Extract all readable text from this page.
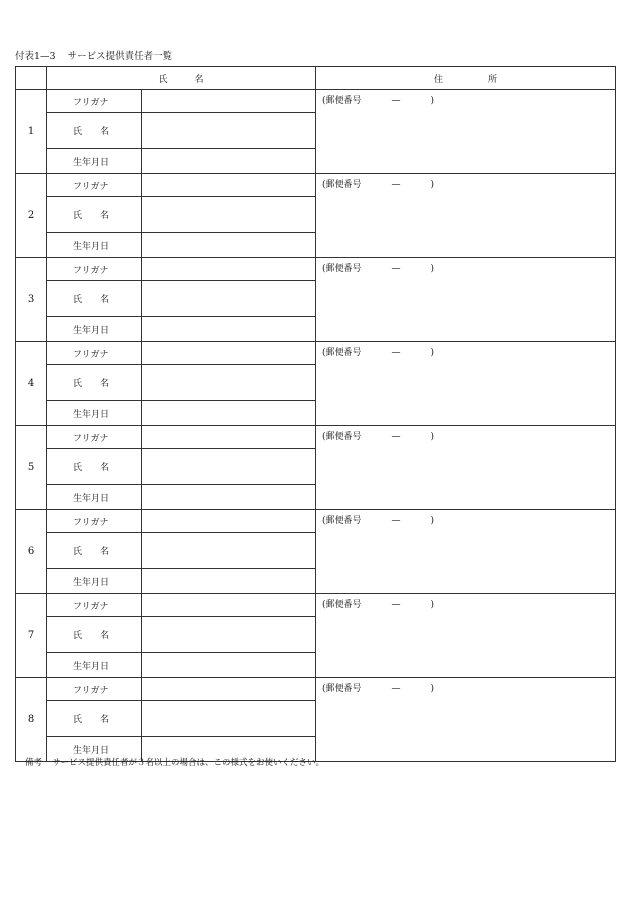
付表1—3 サービス提供責任者一覧
	氏　　　名		住　　　　　所
1	フリガナ		(郵便番号 — )
	氏　　名		
	生年月日		
2	フリガナ		(郵便番号 — )
	氏　　名		
	生年月日		
3	フリガナ		(郵便番号 — )
	氏　　名		
	生年月日		
4	フリガナ		(郵便番号 — )
	氏　　名		
	生年月日		
5	フリガナ		(郵便番号 — )
	氏　　名		
	生年月日		
6	フリガナ		(郵便番号 — )
	氏　　名		
	生年月日		
7	フリガナ		(郵便番号 — )
	氏　　名		
	生年月日		
8	フリガナ		(郵便番号 — )
	氏　　名		
	生年月日		
備考 サービス提供責任者が３名以上の場合は、この様式をお使いください。
